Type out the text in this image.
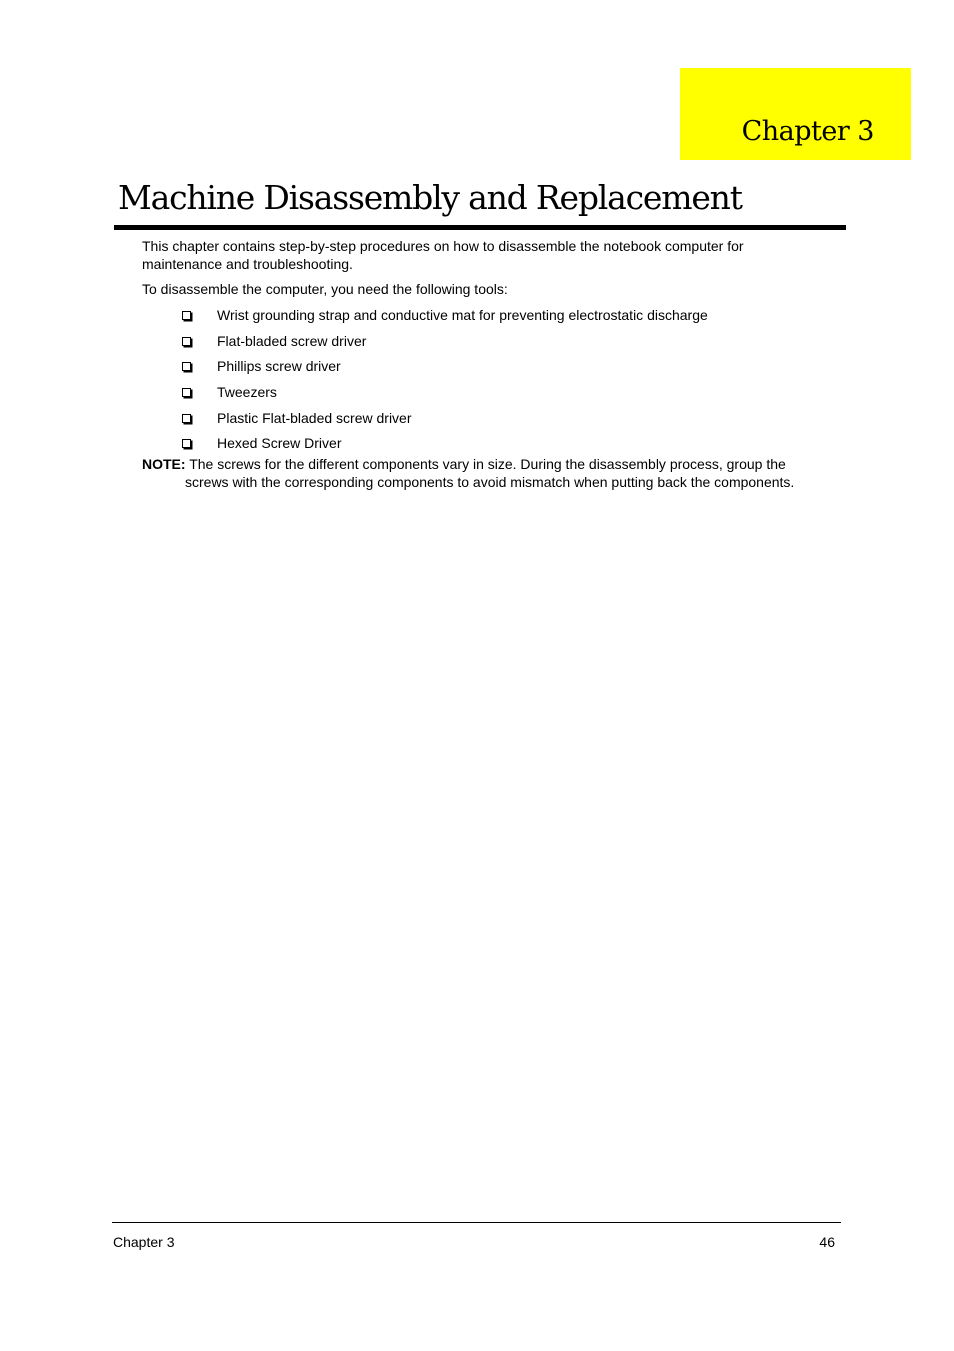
Chapter 3
Machine Disassembly and Replacement

This chapter contains step-by-step procedures on how to disassemble the notebook computer for maintenance and troubleshooting.

To disassemble the computer, you need the following tools:

Wrist grounding strap and conductive mat for preventing electrostatic discharge
Flat-bladed screw driver
Phillips screw driver
Tweezers
Plastic Flat-bladed screw driver
Hexed Screw Driver

NOTE: The screws for the different components vary in size. During the disassembly process, group the screws with the corresponding components to avoid mismatch when putting back the components.

Chapter 3	46
